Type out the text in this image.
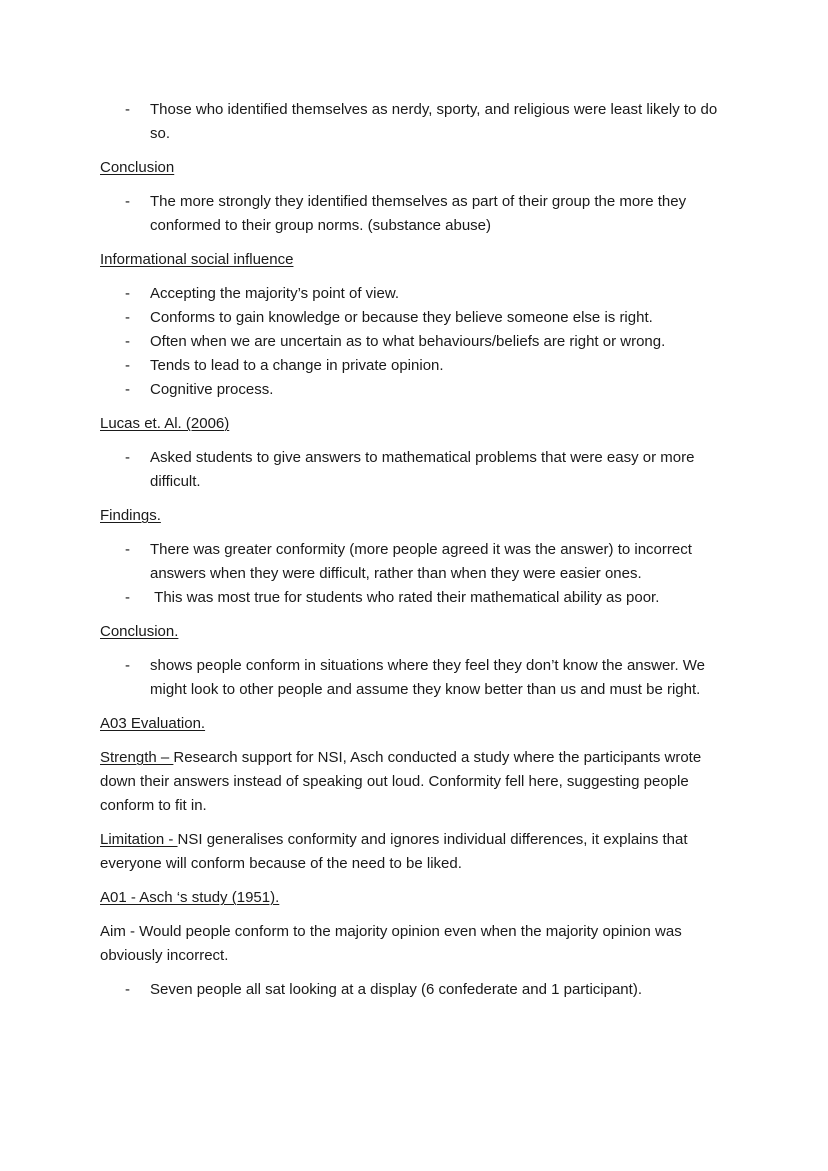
- Those who identified themselves as nerdy, sporty, and religious were least likely to do so.

Conclusion

- The more strongly they identified themselves as part of their group the more they conformed to their group norms. (substance abuse)

Informational social influence

- Accepting the majority’s point of view.
- Conforms to gain knowledge or because they believe someone else is right.
- Often when we are uncertain as to what behaviours/beliefs are right or wrong.
- Tends to lead to a change in private opinion.
- Cognitive process.

Lucas et. Al. (2006)

- Asked students to give answers to mathematical problems that were easy or more difficult.

Findings.

- There was greater conformity (more people agreed it was the answer) to incorrect answers when they were difficult, rather than when they were easier ones.
- This was most true for students who rated their mathematical ability as poor.

Conclusion.

- shows people conform in situations where they feel they don’t know the answer. We might look to other people and assume they know better than us and must be right.

A03 Evaluation.

Strength – Research support for NSI, Asch conducted a study where the participants wrote down their answers instead of speaking out loud. Conformity fell here, suggesting people conform to fit in.

Limitation - NSI generalises conformity and ignores individual differences, it explains that everyone will conform because of the need to be liked.

A01 - Asch ‘s study (1951).

Aim - Would people conform to the majority opinion even when the majority opinion was obviously incorrect.

- Seven people all sat looking at a display (6 confederate and 1 participant).
